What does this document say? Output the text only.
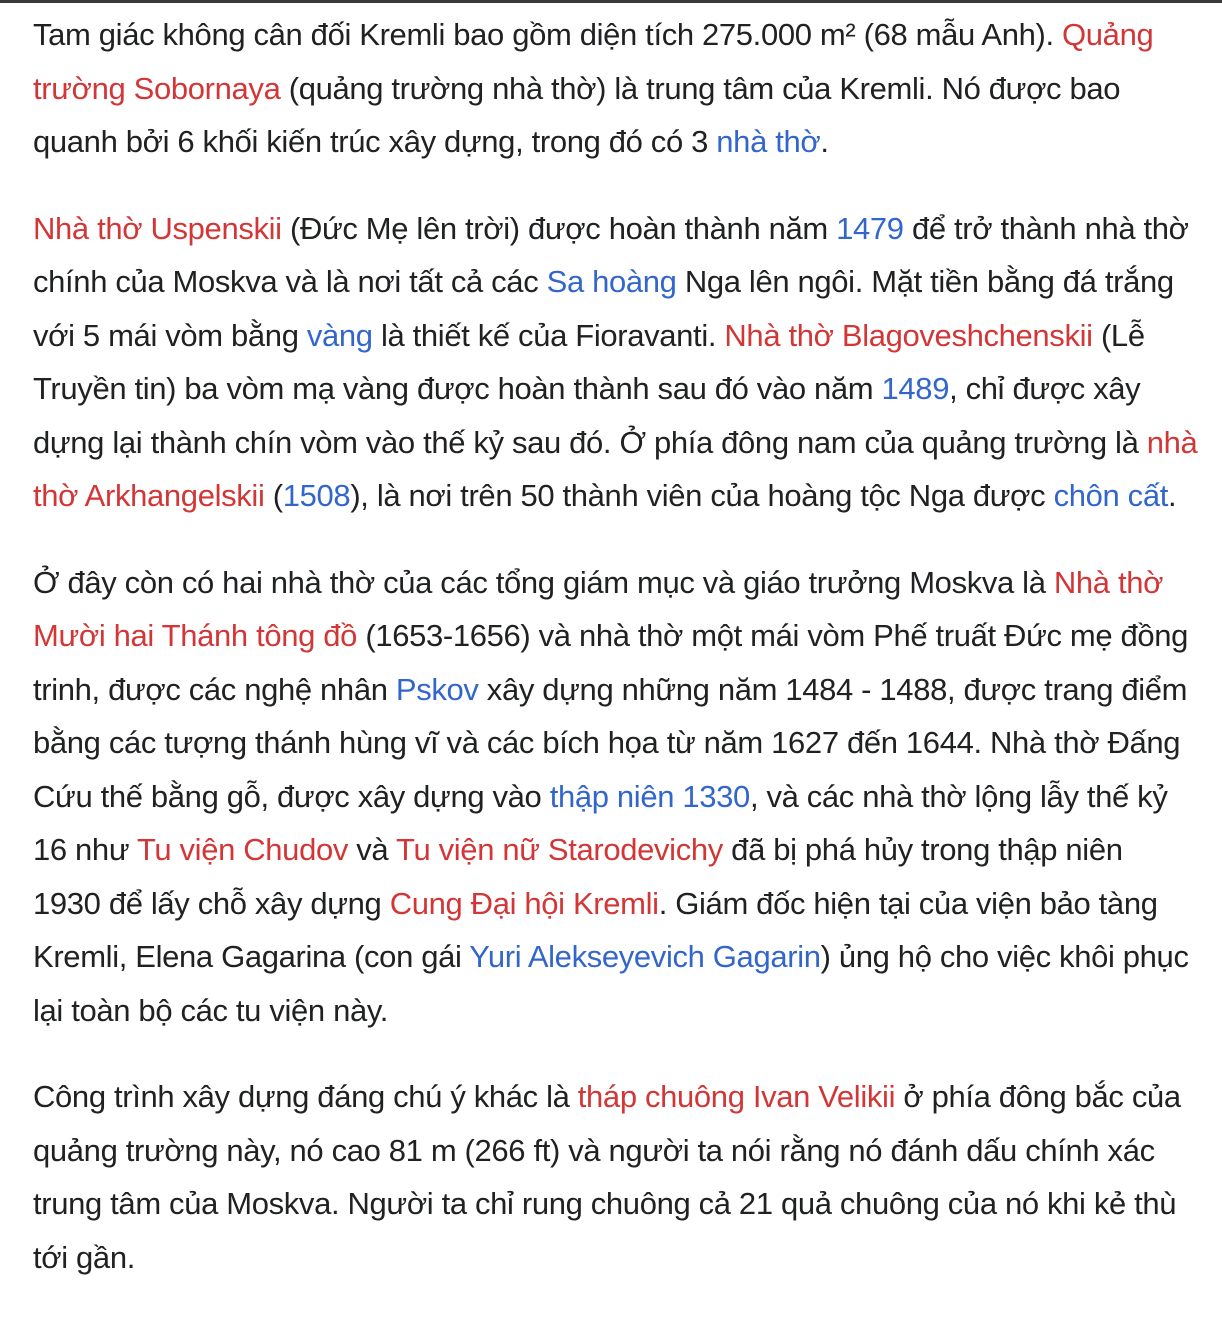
Tam giác không cân đối Kremli bao gồm diện tích 275.000 m² (68 mẫu Anh). Quảng trường Sobornaya (quảng trường nhà thờ) là trung tâm của Kremli. Nó được bao quanh bởi 6 khối kiến trúc xây dựng, trong đó có 3 nhà thờ.

Nhà thờ Uspenskii (Đức Mẹ lên trời) được hoàn thành năm 1479 để trở thành nhà thờ chính của Moskva và là nơi tất cả các Sa hoàng Nga lên ngôi. Mặt tiền bằng đá trắng với 5 mái vòm bằng vàng là thiết kế của Fioravanti. Nhà thờ Blagoveshchenskii (Lễ Truyền tin) ba vòm mạ vàng được hoàn thành sau đó vào năm 1489, chỉ được xây dựng lại thành chín vòm vào thế kỷ sau đó. Ở phía đông nam của quảng trường là nhà thờ Arkhangelskii (1508), là nơi trên 50 thành viên của hoàng tộc Nga được chôn cất.

Ở đây còn có hai nhà thờ của các tổng giám mục và giáo trưởng Moskva là Nhà thờ Mười hai Thánh tông đồ (1653-1656) và nhà thờ một mái vòm Phế truất Đức mẹ đồng trinh, được các nghệ nhân Pskov xây dựng những năm 1484 - 1488, được trang điểm bằng các tượng thánh hùng vĩ và các bích họa từ năm 1627 đến 1644. Nhà thờ Đấng Cứu thế bằng gỗ, được xây dựng vào thập niên 1330, và các nhà thờ lộng lẫy thế kỷ 16 như Tu viện Chudov và Tu viện nữ Starodevichy đã bị phá hủy trong thập niên 1930 để lấy chỗ xây dựng Cung Đại hội Kremli. Giám đốc hiện tại của viện bảo tàng Kremli, Elena Gagarina (con gái Yuri Alekseyevich Gagarin) ủng hộ cho việc khôi phục lại toàn bộ các tu viện này.

Công trình xây dựng đáng chú ý khác là tháp chuông Ivan Velikii ở phía đông bắc của quảng trường này, nó cao 81 m (266 ft) và người ta nói rằng nó đánh dấu chính xác trung tâm của Moskva. Người ta chỉ rung chuông cả 21 quả chuông của nó khi kẻ thù tới gần.
